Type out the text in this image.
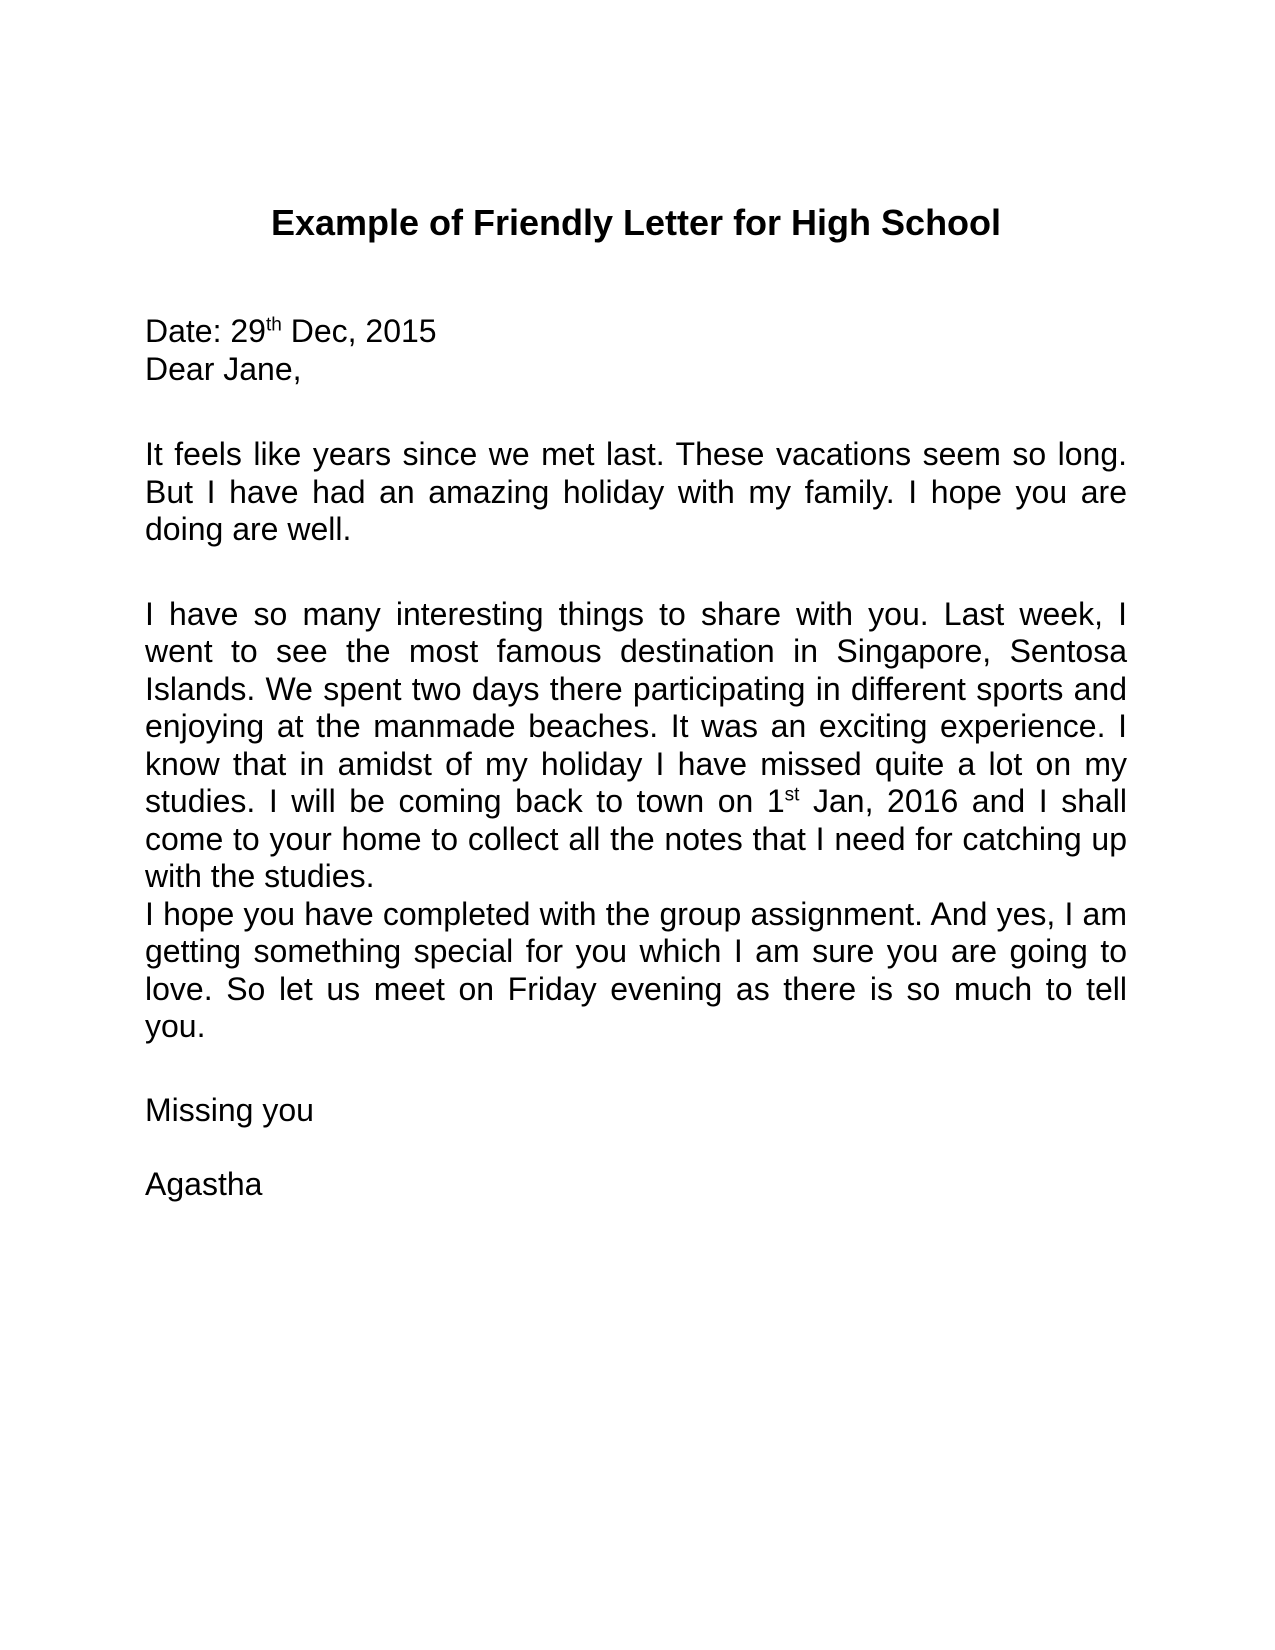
Example of Friendly Letter for High School

Date: 29th Dec, 2015

Dear Jane,

It feels like years since we met last. These vacations seem so long. But I have had an amazing holiday with my family. I hope you are doing are well.

I have so many interesting things to share with you. Last week, I went to see the most famous destination in Singapore, Sentosa Islands. We spent two days there participating in different sports and enjoying at the manmade beaches. It was an exciting experience. I know that in amidst of my holiday I have missed quite a lot on my studies. I will be coming back to town on 1st Jan, 2016 and I shall come to your home to collect all the notes that I need for catching up with the studies.

I hope you have completed with the group assignment. And yes, I am getting something special for you which I am sure you are going to love. So let us meet on Friday evening as there is so much to tell you.

Missing you

Agastha
